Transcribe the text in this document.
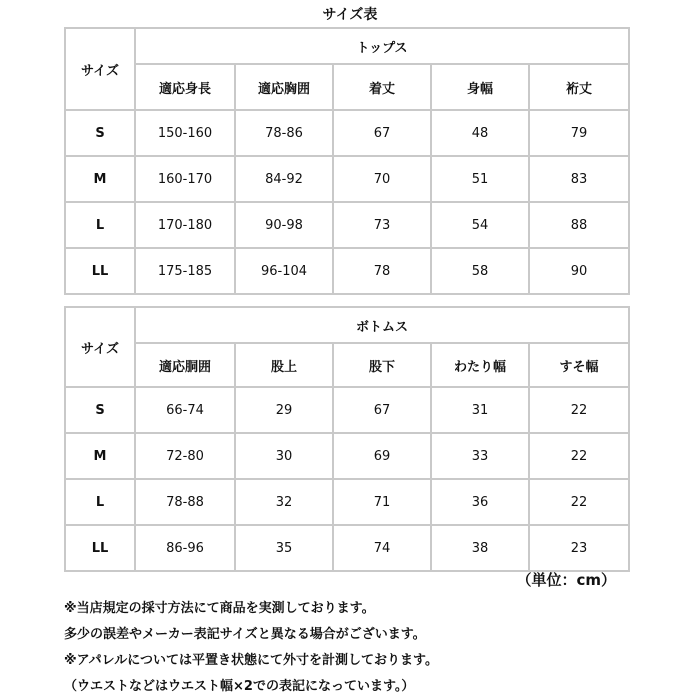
サイズ表
サイズ	トップス				
	適応身長	適応胸囲	着丈	身幅	裄丈
S	150-160	78-86	67	48	79
M	160-170	84-92	70	51	83
L	170-180	90-98	73	54	88
LL	175-185	96-104	78	58	90
サイズ	ボトムス				
	適応胴囲	股上	股下	わたり幅	すそ幅
S	66-74	29	67	31	22
M	72-80	30	69	33	22
L	78-88	32	71	36	22
LL	86-96	35	74	38	23
（単位：cm）
※当店規定の採寸方法にて商品を実測しております。
多少の誤差やメーカー表記サイズと異なる場合がございます。
※アパレルについては平置き状態にて外寸を計測しております。
（ウエストなどはウエスト幅×2での表記になっています。）
